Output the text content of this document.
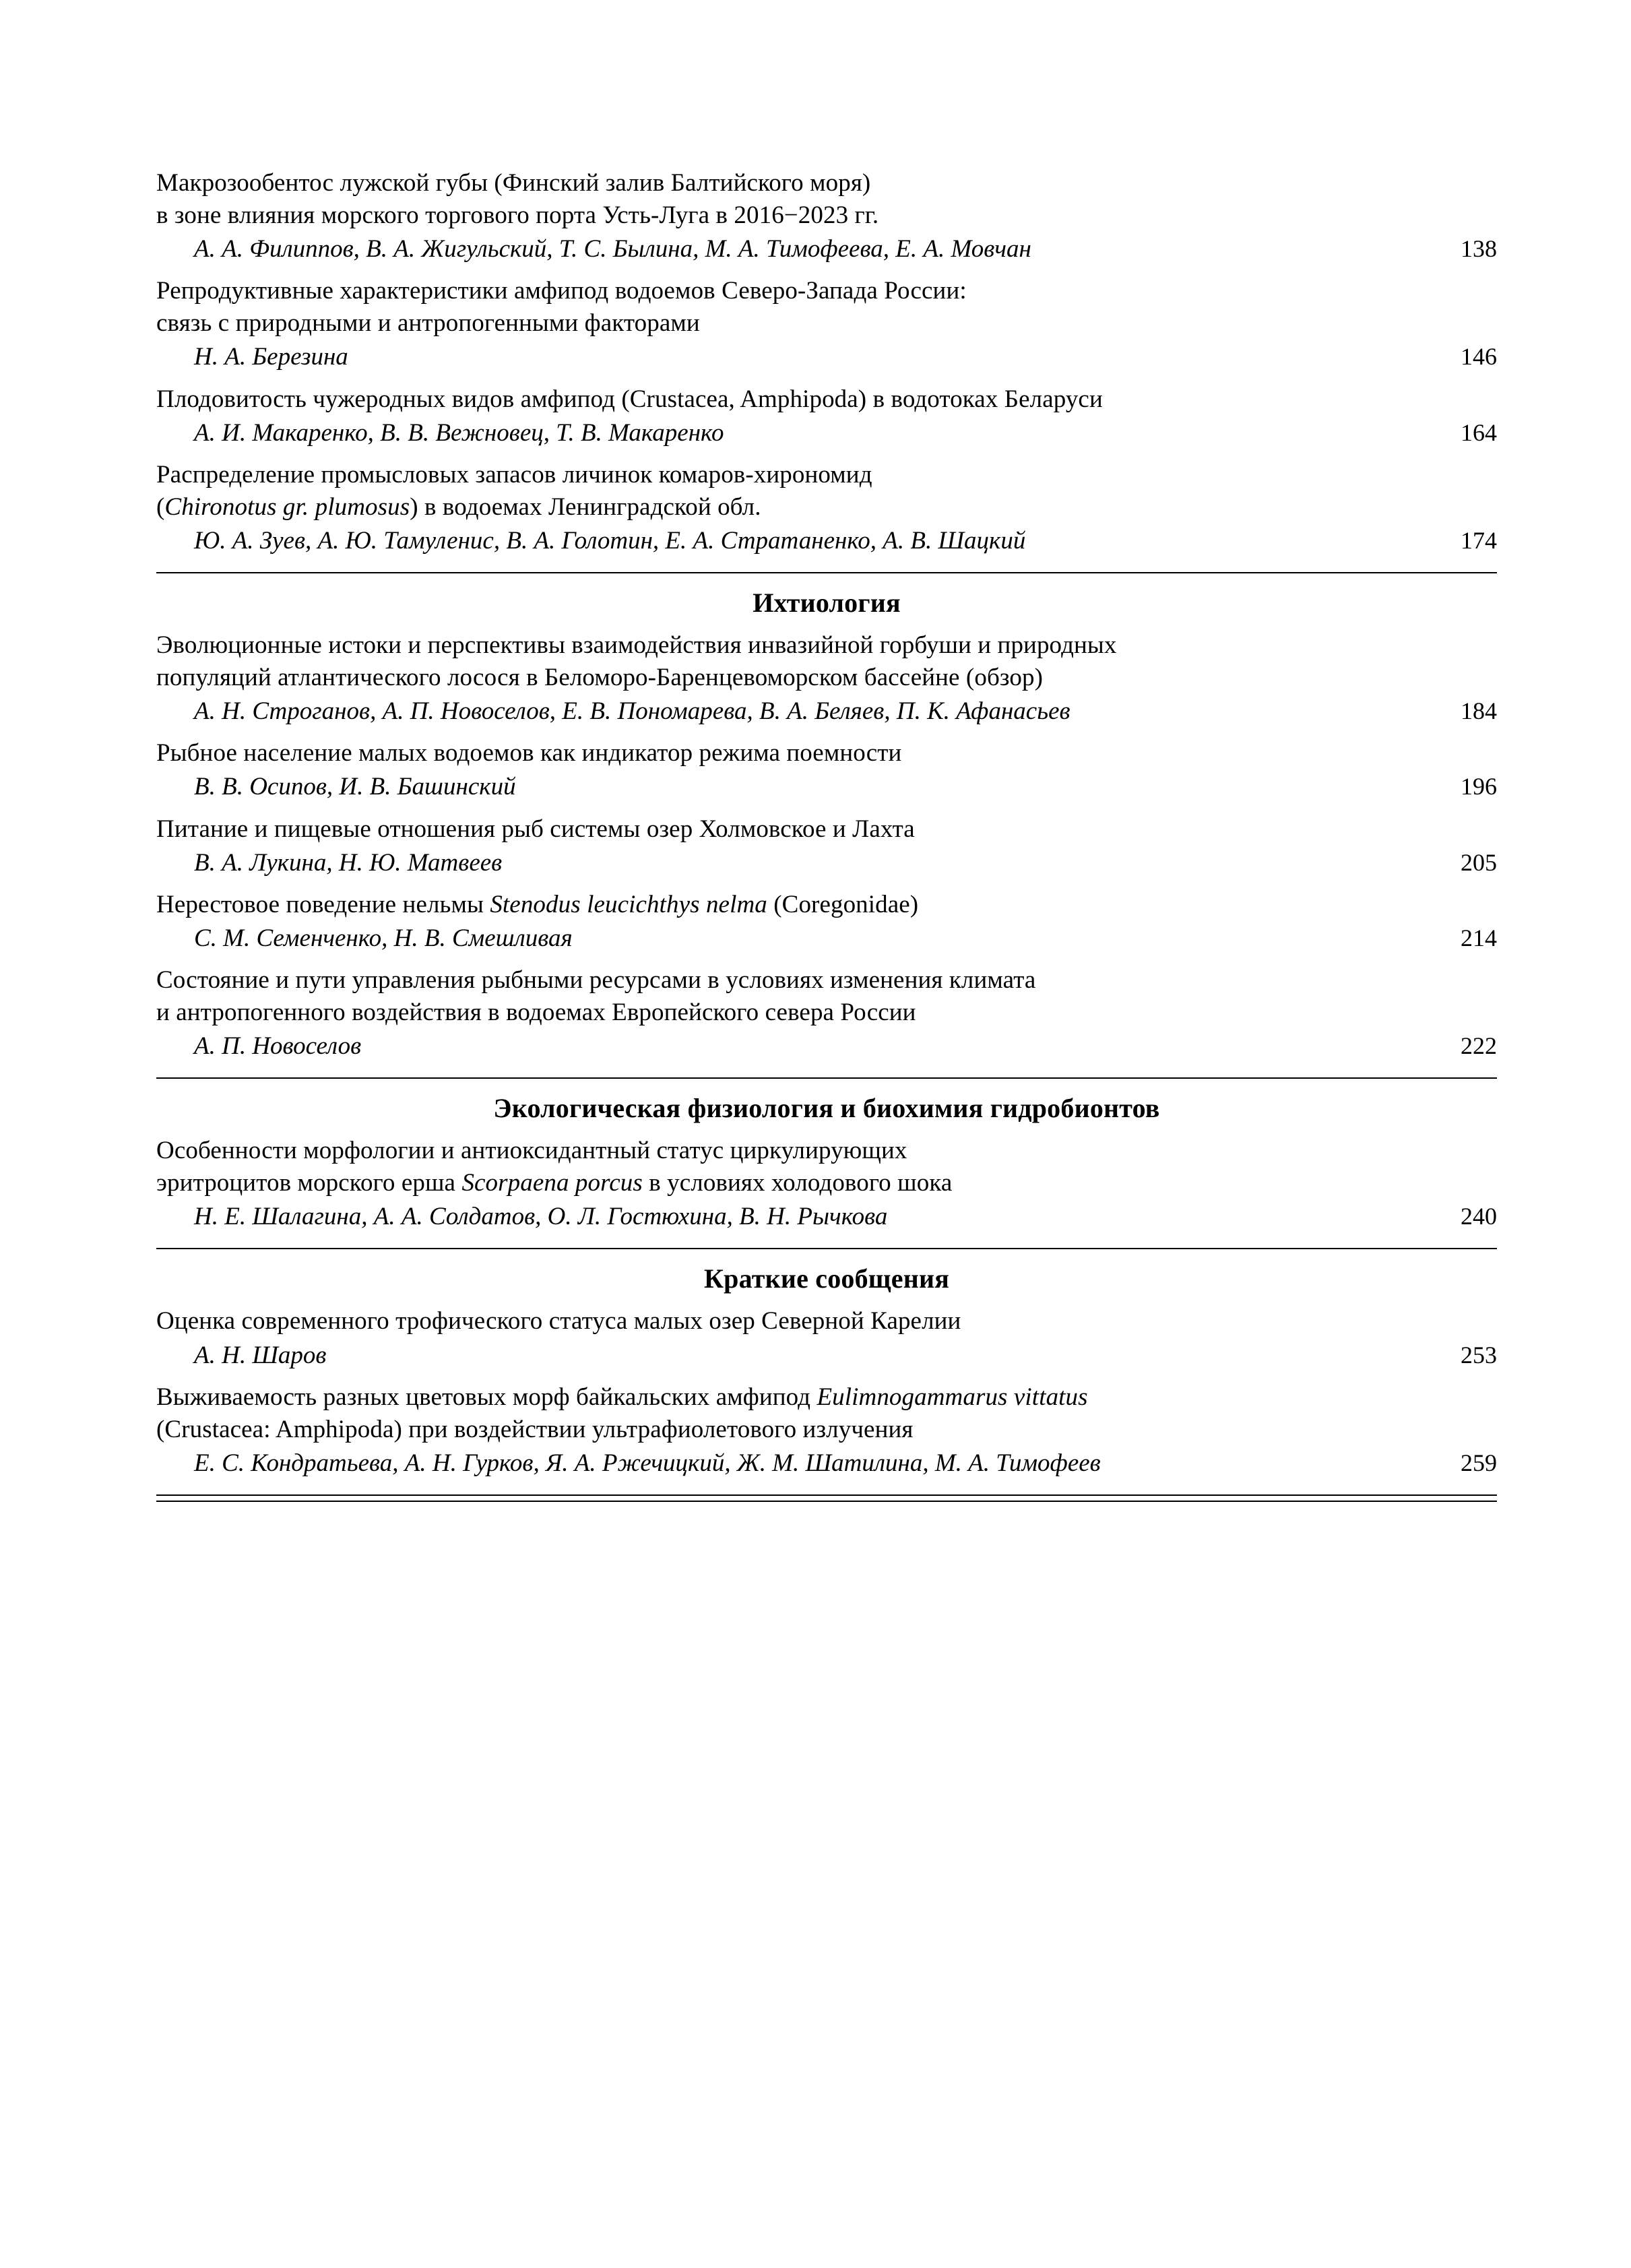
Макрозообентос лужской губы (Финский залив Балтийского моря)
в зоне влияния морского торгового порта Усть-Луга в 2016−2023 гг.
А. А. Филиппов, В. А. Жигульский, Т. С. Былина, М. А. Тимофеева, Е. А. Мовчан	138
Репродуктивные характеристики амфипод водоемов Северо-Запада России:
связь с природными и антропогенными факторами
Н. А. Березина	146
Плодовитость чужеродных видов амфипод (Crustacea, Amphipoda) в водотоках Беларуси
А. И. Макаренко, В. В. Вежновец, Т. В. Макаренко	164
Распределение промысловых запасов личинок комаров-хирономид
(Chironotus gr. plumosus) в водоемах Ленинградской обл.
Ю. А. Зуев, А. Ю. Тамуленис, В. А. Голотин, Е. А. Стратаненко, А. В. Шацкий	174
Ихтиология
Эволюционные истоки и перспективы взаимодействия инвазийной горбуши и природных
популяций атлантического лосося в Беломоро-Баренцевоморском бассейне (обзор)
А. Н. Строганов, А. П. Новоселов, Е. В. Пономарева, В. А. Беляев, П. К. Афанасьев	184
Рыбное население малых водоемов как индикатор режима поемности
В. В. Осипов, И. В. Башинский	196
Питание и пищевые отношения рыб системы озер Холмовское и Лахта
В. А. Лукина, Н. Ю. Матвеев	205
Нерестовое поведение нельмы Stenodus leucichthys nelma (Coregonidae)
С. М. Семенченко, Н. В. Смешливая	214
Состояние и пути управления рыбными ресурсами в условиях изменения климата
и антропогенного воздействия в водоемах Европейского севера России
А. П. Новоселов	222
Экологическая физиология и биохимия гидробионтов
Особенности морфологии и антиоксидантный статус циркулирующих
эритроцитов морского ерша Scorpaena porcus в условиях холодового шока
Н. Е. Шалагина, А. А. Солдатов, О. Л. Гостюхина, В. Н. Рычкова	240
Краткие сообщения
Оценка современного трофического статуса малых озер Северной Карелии
А. Н. Шаров	253
Выживаемость разных цветовых морф байкальских амфипод Eulimnogammarus vittatus
(Crustacea: Amphipoda) при воздействии ультрафиолетового излучения
Е. С. Кондратьева, А. Н. Гурков, Я. А. Ржечицкий, Ж. М. Шатилина, М. А. Тимофеев	259
